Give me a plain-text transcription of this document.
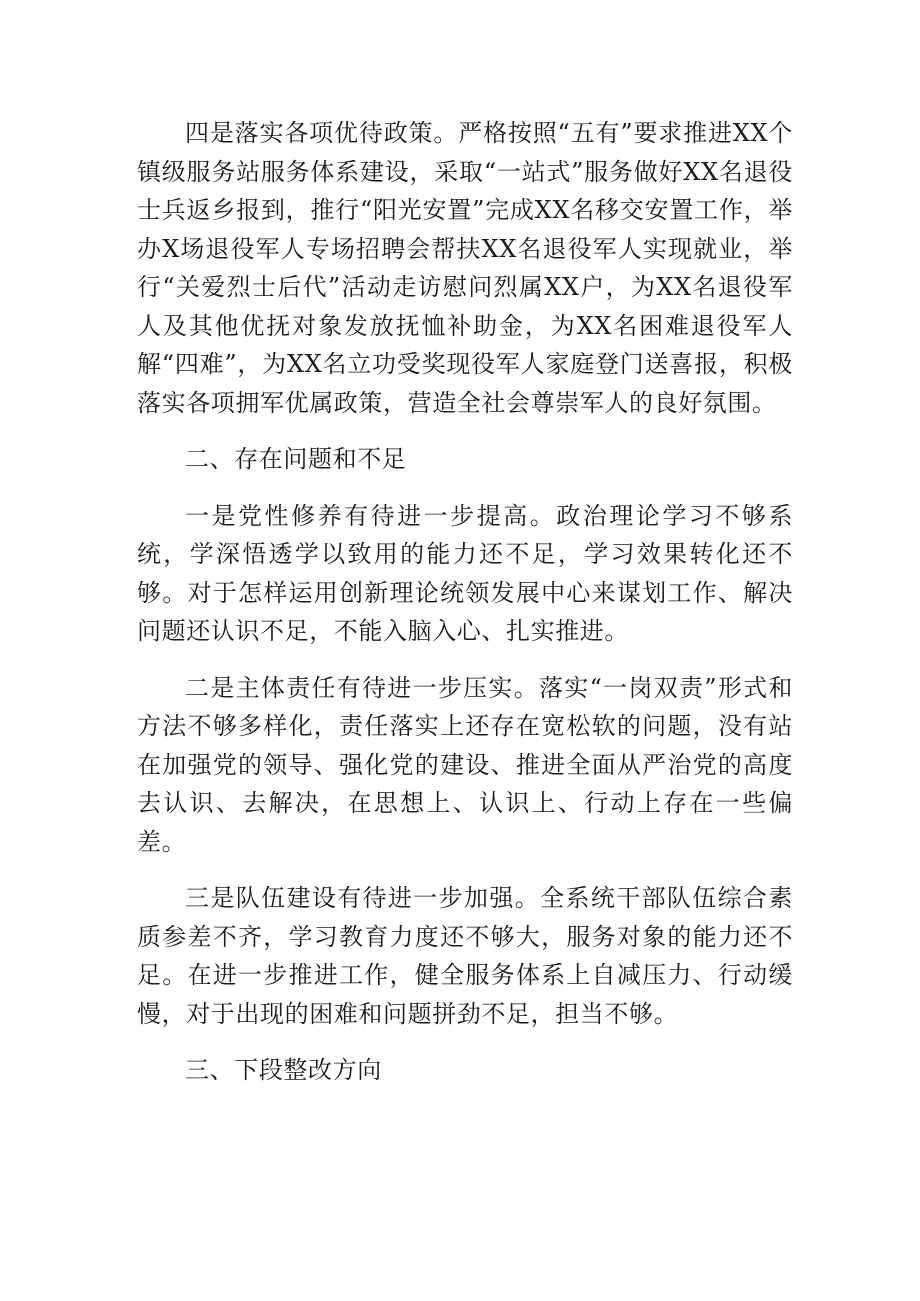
四是落实各项优待政策。严格按照“五有”要求推进XX个镇级服务站服务体系建设，采取“一站式”服务做好XX名退役士兵返乡报到，推行“阳光安置”完成XX名移交安置工作，举办X场退役军人专场招聘会帮扶XX名退役军人实现就业，举行“关爱烈士后代”活动走访慰问烈属XX户，为XX名退役军人及其他优抚对象发放抚恤补助金，为XX名困难退役军人解“四难”，为XX名立功受奖现役军人家庭登门送喜报，积极落实各项拥军优属政策，营造全社会尊崇军人的良好氛围。

二、存在问题和不足

一是党性修养有待进一步提高。政治理论学习不够系统，学深悟透学以致用的能力还不足，学习效果转化还不够。对于怎样运用创新理论统领发展中心来谋划工作、解决问题还认识不足，不能入脑入心、扎实推进。

二是主体责任有待进一步压实。落实“一岗双责”形式和方法不够多样化，责任落实上还存在宽松软的问题，没有站在加强党的领导、强化党的建设、推进全面从严治党的高度去认识、去解决，在思想上、认识上、行动上存在一些偏差。

三是队伍建设有待进一步加强。全系统干部队伍综合素质参差不齐，学习教育力度还不够大，服务对象的能力还不足。在进一步推进工作，健全服务体系上自减压力、行动缓慢，对于出现的困难和问题拼劲不足，担当不够。

三、下段整改方向
